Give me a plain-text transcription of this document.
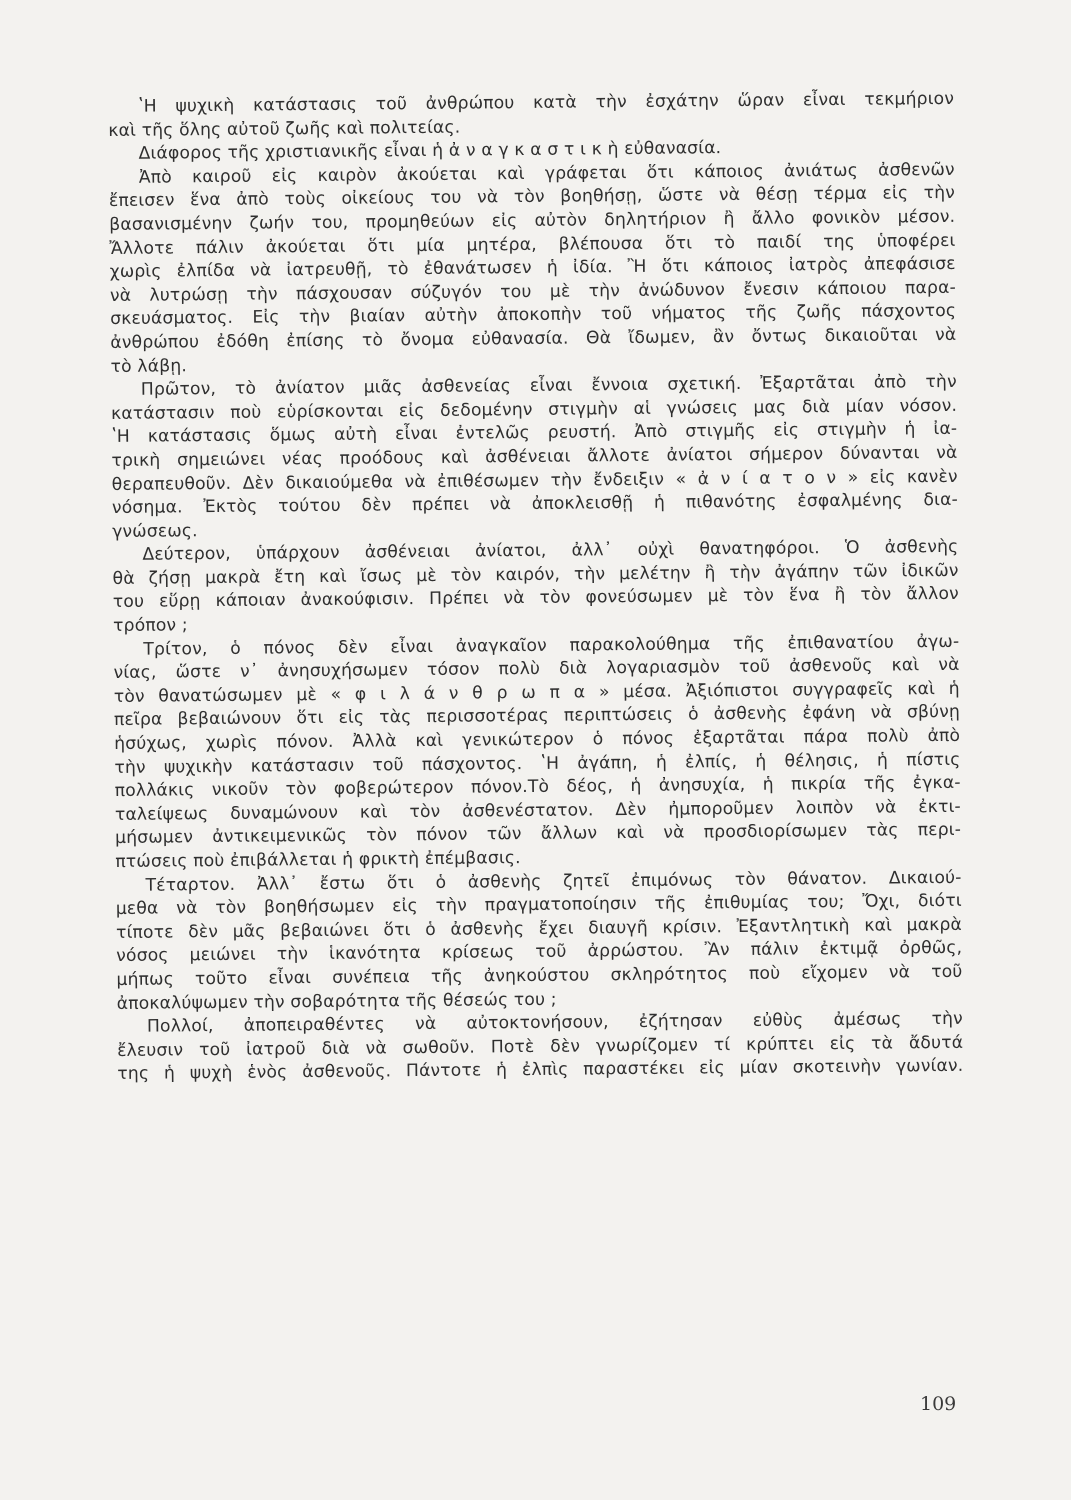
ʽΗ ψυχικὴ κατάστασις τοῦ ἀνθρώπου κατὰ τὴν ἐσχάτην ὥραν εἶναι τεκμήριον
καὶ τῆς ὅλης αὐτοῦ ζωῆς καὶ πολιτείας.
Διάφορος τῆς χριστιανικῆς εἶναι ἡ ἀ ν α γ κ α σ τ ι κ ὴ εὐθανασία.
Ἀπὸ καιροῦ εἰς καιρὸν ἀκούεται καὶ γράφεται ὅτι κάποιος ἀνιάτως ἀσθενῶν
ἔπεισεν ἕνα ἀπὸ τοὺς οἰκείους του νὰ τὸν βοηθήσῃ, ὥστε νὰ θέσῃ τέρμα εἰς τὴν
βασανισμένην ζωήν του, προμηθεύων εἰς αὐτὸν δηλητήριον ἢ ἄλλο φονικὸν μέσον.
Ἄλλοτε πάλιν ἀκούεται ὅτι μία μητέρα, βλέπουσα ὅτι τὸ παιδί της ὑποφέρει
χωρὶς ἐλπίδα νὰ ἰατρευθῇ, τὸ ἐθανάτωσεν ἡ ἰδία. Ἢ ὅτι κάποιος ἰατρὸς ἀπεφάσισε
νὰ λυτρώσῃ τὴν πάσχουσαν σύζυγόν του μὲ τὴν ἀνώδυνον ἔνεσιν κάποιου παρα-
σκευάσματος. Εἰς τὴν βιαίαν αὐτὴν ἀποκοπὴν τοῦ νήματος τῆς ζωῆς πάσχοντος
ἀνθρώπου ἐδόθη ἐπίσης τὸ ὄνομα εὐθανασία. Θὰ ἴδωμεν, ἂν ὄντως δικαιοῦται νὰ
τὸ λάβῃ.
Πρῶτον, τὸ ἀνίατον μιᾶς ἀσθενείας εἶναι ἔννοια σχετική. Ἐξαρτᾶται ἀπὸ τὴν
κατάστασιν ποὺ εὑρίσκονται εἰς δεδομένην στιγμὴν αἱ γνώσεις μας διὰ μίαν νόσον.
ʽΗ κατάστασις ὅμως αὐτὴ εἶναι ἐντελῶς ρευστή. Ἀπὸ στιγμῆς εἰς στιγμὴν ἡ ἰα-
τρικὴ σημειώνει νέας προόδους καὶ ἀσθένειαι ἄλλοτε ἀνίατοι σήμερον δύνανται νὰ
θεραπευθοῦν. Δὲν δικαιούμεθα νὰ ἐπιθέσωμεν τὴν ἔνδειξιν « ἀ ν ί α τ ο ν » εἰς κανὲν
νόσημα. Ἐκτὸς τούτου δὲν πρέπει νὰ ἀποκλεισθῇ ἡ πιθανότης ἐσφαλμένης δια-
γνώσεως.
Δεύτερον, ὑπάρχουν ἀσθένειαι ἀνίατοι, ἀλλ᾽ οὐχὶ θανατηφόροι. Ὁ ἀσθενὴς
θὰ ζήσῃ μακρὰ ἔτη καὶ ἴσως μὲ τὸν καιρόν, τὴν μελέτην ἢ τὴν ἀγάπην τῶν ἰδικῶν
του εὕρῃ κάποιαν ἀνακούφισιν. Πρέπει νὰ τὸν φονεύσωμεν μὲ τὸν ἕνα ἢ τὸν ἄλλον
τρόπον ;
Τρίτον, ὁ πόνος δὲν εἶναι ἀναγκαῖον παρακολούθημα τῆς ἐπιθανατίου ἀγω-
νίας, ὥστε ν᾽ ἀνησυχήσωμεν τόσον πολὺ διὰ λογαριασμὸν τοῦ ἀσθενοῦς καὶ νὰ
τὸν θανατώσωμεν μὲ « φ ι λ ά ν θ ρ ω π α » μέσα. Ἀξιόπιστοι συγγραφεῖς καὶ ἡ
πεῖρα βεβαιώνουν ὅτι εἰς τὰς περισσοτέρας περιπτώσεις ὁ ἀσθενὴς ἐφάνη νὰ σβύνῃ
ἡσύχως, χωρὶς πόνον. Ἀλλὰ καὶ γενικώτερον ὁ πόνος ἐξαρτᾶται πάρα πολὺ ἀπὸ
τὴν ψυχικὴν κατάστασιν τοῦ πάσχοντος. ʽΗ ἀγάπη, ἡ ἐλπίς, ἡ θέλησις, ἡ πίστις
πολλάκις νικοῦν τὸν φοβερώτερον πόνον.Τὸ δέος, ἡ ἀνησυχία, ἡ πικρία τῆς ἐγκα-
ταλείψεως δυναμώνουν καὶ τὸν ἀσθενέστατον. Δὲν ἠμποροῦμεν λοιπὸν νὰ ἐκτι-
μήσωμεν ἀντικειμενικῶς τὸν πόνον τῶν ἄλλων καὶ νὰ προσδιορίσωμεν τὰς περι-
πτώσεις ποὺ ἐπιβάλλεται ἡ φρικτὴ ἐπέμβασις.
Τέταρτον. Ἀλλ᾽ ἔστω ὅτι ὁ ἀσθενὴς ζητεῖ ἐπιμόνως τὸν θάνατον. Δικαιού-
μεθα νὰ τὸν βοηθήσωμεν εἰς τὴν πραγματοποίησιν τῆς ἐπιθυμίας του; Ὄχι, διότι
τίποτε δὲν μᾶς βεβαιώνει ὅτι ὁ ἀσθενὴς ἔχει διαυγῆ κρίσιν. Ἐξαντλητικὴ καὶ μακρὰ
νόσος μειώνει τὴν ἱκανότητα κρίσεως τοῦ ἀρρώστου. Ἂν πάλιν ἐκτιμᾷ ὀρθῶς,
μήπως τοῦτο εἶναι συνέπεια τῆς ἀνηκούστου σκληρότητος ποὺ εἴχομεν νὰ τοῦ
ἀποκαλύψωμεν τὴν σοβαρότητα τῆς θέσεώς του ;
Πολλοί, ἀποπειραθέντες νὰ αὐτοκτονήσουν, ἐζήτησαν εὐθὺς ἀμέσως τὴν
ἔλευσιν τοῦ ἰατροῦ διὰ νὰ σωθοῦν. Ποτὲ δὲν γνωρίζομεν τί κρύπτει εἰς τὰ ἄδυτά
της ἡ ψυχὴ ἑνὸς ἀσθενοῦς. Πάντοτε ἡ ἐλπὶς παραστέκει εἰς μίαν σκοτεινὴν γωνίαν.
109
